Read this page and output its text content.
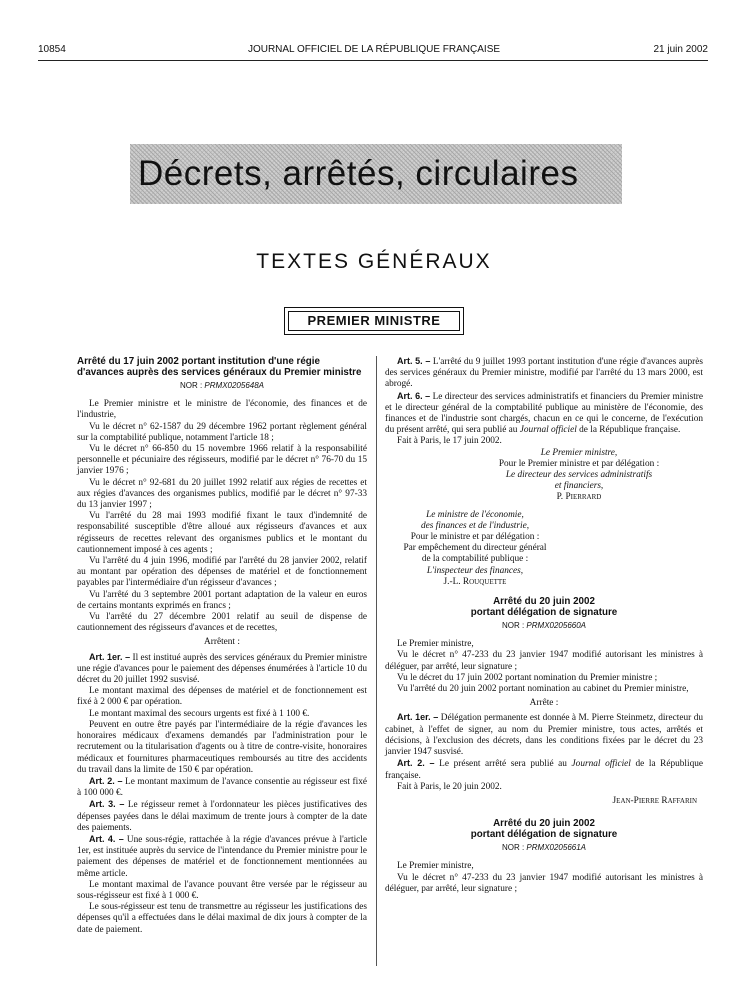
10854	JOURNAL OFFICIEL DE LA RÉPUBLIQUE FRANÇAISE	21 juin 2002
Décrets, arrêtés, circulaires
TEXTES GÉNÉRAUX
PREMIER MINISTRE

Arrêté du 17 juin 2002 portant institution d'une régie d'avances auprès des services généraux du Premier ministre

NOR : PRMX0205648A

Le Premier ministre et le ministre de l'économie, des finances et de l'industrie,

Vu le décret n° 62-1587 du 29 décembre 1962 portant règlement général sur la comptabilité publique, notamment l'article 18 ;

Vu le décret n° 66-850 du 15 novembre 1966 relatif à la responsabilité personnelle et pécuniaire des régisseurs, modifié par le décret n° 76-70 du 15 janvier 1976 ;

Vu le décret n° 92-681 du 20 juillet 1992 relatif aux régies de recettes et aux régies d'avances des organismes publics, modifié par le décret n° 97-33 du 13 janvier 1997 ;

Vu l'arrêté du 28 mai 1993 modifié fixant le taux d'indemnité de responsabilité susceptible d'être alloué aux régisseurs d'avances et aux régisseurs de recettes relevant des organismes publics et le montant du cautionnement imposé à ces agents ;

Vu l'arrêté du 4 juin 1996, modifié par l'arrêté du 28 janvier 2002, relatif au montant par opération des dépenses de matériel et de fonctionnement payables par l'intermédiaire d'un régisseur d'avances ;

Vu l'arrêté du 3 septembre 2001 portant adaptation de la valeur en euros de certains montants exprimés en francs ;

Vu l'arrêté du 27 décembre 2001 relatif au seuil de dispense de cautionnement des régisseurs d'avances et de recettes,

Arrêtent :

Art. 1er. – Il est institué auprès des services généraux du Premier ministre une régie d'avances pour le paiement des dépenses énumérées à l'article 10 du décret du 20 juillet 1992 susvisé.

Le montant maximal des dépenses de matériel et de fonctionnement est fixé à 2 000 € par opération.

Le montant maximal des secours urgents est fixé à 1 100 €.

Peuvent en outre être payés par l'intermédiaire de la régie d'avances les honoraires médicaux d'examens demandés par l'administration pour le recrutement ou la titularisation d'agents ou à titre de contre-visite, honoraires médicaux et fournitures pharmaceutiques remboursés au titre des accidents du travail dans la limite de 150 € par opération.

Art. 2. – Le montant maximum de l'avance consentie au régisseur est fixé à 100 000 €.

Art. 3. – Le régisseur remet à l'ordonnateur les pièces justificatives des dépenses payées dans le délai maximum de trente jours à compter de la date des paiements.

Art. 4. – Une sous-régie, rattachée à la régie d'avances prévue à l'article 1er, est instituée auprès du service de l'intendance du Premier ministre pour le paiement des dépenses de matériel et de fonctionnement mentionnées au même article.

Le montant maximal de l'avance pouvant être versée par le régisseur au sous-régisseur est fixé à 1 000 €.

Le sous-régisseur est tenu de transmettre au régisseur les justifications des dépenses qu'il a effectuées dans le délai maximal de dix jours à compter de la date de paiement.

Art. 5. – L'arrêté du 9 juillet 1993 portant institution d'une régie d'avances auprès des services généraux du Premier ministre, modifié par l'arrêté du 13 mars 2000, est abrogé.

Art. 6. – Le directeur des services administratifs et financiers du Premier ministre et le directeur général de la comptabilité publique au ministère de l'économie, des finances et de l'industrie sont chargés, chacun en ce qui le concerne, de l'exécution du présent arrêté, qui sera publié au Journal officiel de la République française.

Fait à Paris, le 17 juin 2002.

Le Premier ministre,

Pour le Premier ministre et par délégation :

Le directeur des services administratifs

et financiers,

P. Pierrard

Le ministre de l'économie,

des finances et de l'industrie,

Pour le ministre et par délégation :

Par empêchement du directeur général

de la comptabilité publique :

L'inspecteur des finances,

J.-L. Rouquette

Arrêté du 20 juin 2002

portant délégation de signature

NOR : PRMX0205660A

Le Premier ministre,

Vu le décret n° 47-233 du 23 janvier 1947 modifié autorisant les ministres à déléguer, par arrêté, leur signature ;

Vu le décret du 17 juin 2002 portant nomination du Premier ministre ;

Vu l'arrêté du 20 juin 2002 portant nomination au cabinet du Premier ministre,

Arrête :

Art. 1er. – Délégation permanente est donnée à M. Pierre Steinmetz, directeur du cabinet, à l'effet de signer, au nom du Premier ministre, tous actes, arrêtés et décisions, à l'exclusion des décrets, dans les conditions fixées par le décret du 23 janvier 1947 susvisé.

Art. 2. – Le présent arrêté sera publié au Journal officiel de la République française.

Fait à Paris, le 20 juin 2002.

Jean-Pierre Raffarin

Arrêté du 20 juin 2002

portant délégation de signature

NOR : PRMX0205661A

Le Premier ministre,

Vu le décret n° 47-233 du 23 janvier 1947 modifié autorisant les ministres à déléguer, par arrêté, leur signature ;
